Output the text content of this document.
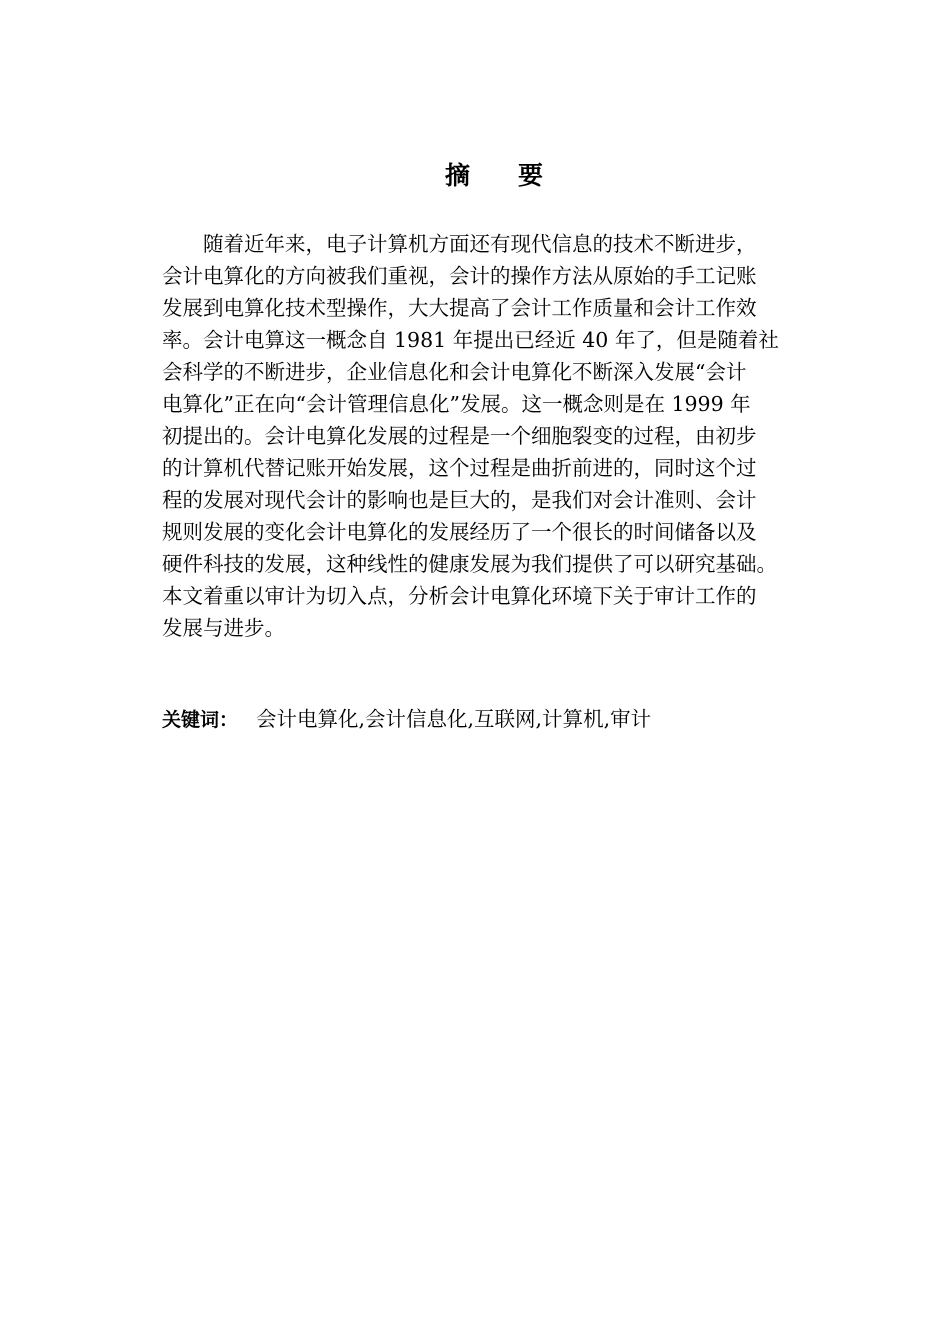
摘 要
随着近年来，电子计算机方面还有现代信息的技术不断进步，
会计电算化的方向被我们重视，会计的操作方法从原始的手工记账
发展到电算化技术型操作，大大提高了会计工作质量和会计工作效
率。会计电算这一概念自 1981 年提出已经近 40 年了，但是随着社
会科学的不断进步，企业信息化和会计电算化不断深入发展“会计
电算化”正在向“会计管理信息化”发展。这一概念则是在 1999 年
初提出的。会计电算化发展的过程是一个细胞裂变的过程，由初步
的计算机代替记账开始发展，这个过程是曲折前进的，同时这个过
程的发展对现代会计的影响也是巨大的，是我们对会计准则、会计
规则发展的变化会计电算化的发展经历了一个很长的时间储备以及
硬件科技的发展，这种线性的健康发展为我们提供了可以研究基础。
本文着重以审计为切入点，分析会计电算化环境下关于审计工作的
发展与进步。
关键词： 会计电算化,会计信息化,互联网,计算机,审计
